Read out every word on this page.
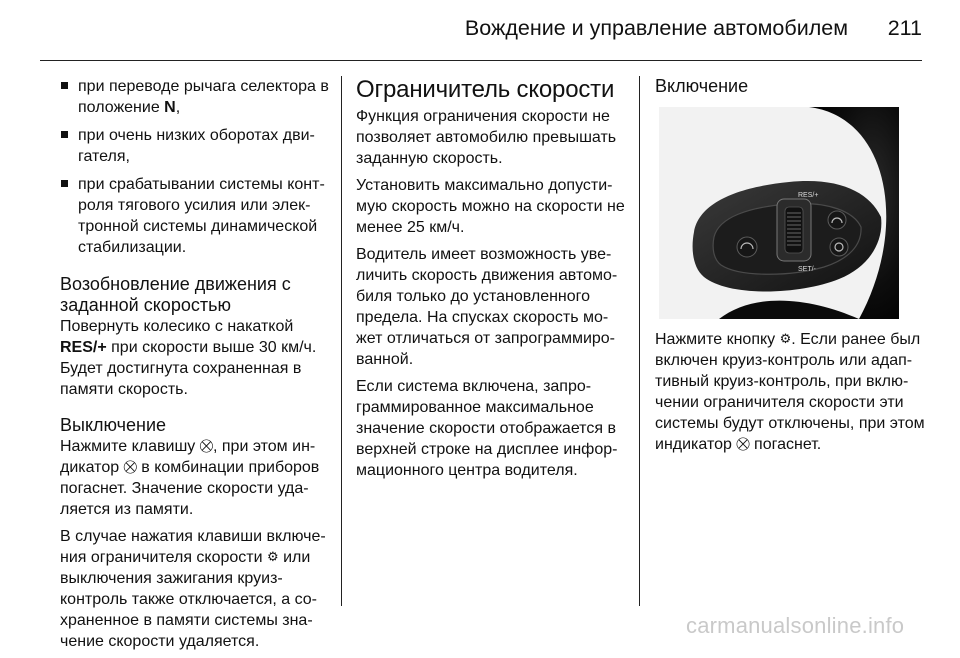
Вождение и управление автомобилем 211
при переводе рычага селектора в положение N,
при очень низких оборотах дви-гателя,
при срабатывании системы конт-роля тягового усилия или элек-тронной системы динамической стабилизации.
Возобновление движения с заданной скоростью

Повернуть колесико с накаткой RES/+ при скорости выше 30 км/ч. Будет достигнута сохраненная в памяти скорость.

Выключение

Нажмите клавишу ⛒, при этом ин-дикатор ⛒ в комбинации приборов погаснет. Значение скорости уда-ляется из памяти.

В случае нажатия клавиши включе-ния ограничителя скорости ⚙ или выключения зажигания круиз-контроль также отключается, а со-храненное в памяти системы зна-чение скорости удаляется.

Ограничитель скорости

Функция ограничения скорости не позволяет автомобилю превышать заданную скорость.

Установить максимально допусти-мую скорость можно на скорости не менее 25 км/ч.

Водитель имеет возможность уве-личить скорость движения автомо-биля только до установленного предела. На спусках скорость мо-жет отличаться от запрограммиро-ванной.

Если система включена, запро-граммированное максимальное значение скорости отображается в верхней строке на дисплее инфор-мационного центра водителя.

Включение
RES/+
SET/-

Нажмите кнопку ⚙. Если ранее был включен круиз-контроль или адап-тивный круиз-контроль, при вклю-чении ограничителя скорости эти системы будут отключены, при этом индикатор ⛒ погаснет.

carmanualsonline.info
